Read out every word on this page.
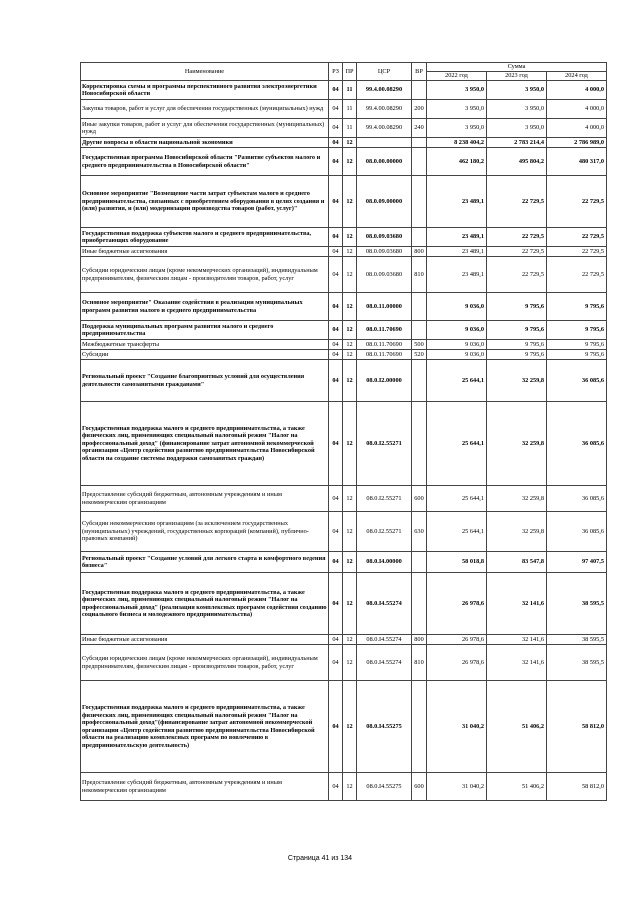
Наименование	РЗ	ПР	ЦСР	ВР	Сумма		
					2022 год	2023 год	2024 год
Корректировка схемы и программы перспективного развития электроэнергетики Новосибирской области	04	11	99.4.00.08290		3 950,0	3 950,0	4 000,0
Закупка товаров, работ и услуг для обеспечения государственных (муниципальных) нужд	04	11	99.4.00.08290	200	3 950,0	3 950,0	4 000,0
Иные закупки товаров, работ и услуг для обеспечения государственных (муниципальных) нужд	04	11	99.4.00.08290	240	3 950,0	3 950,0	4 000,0
Другие вопросы в области национальной экономики	04	12			8 238 404,2	2 783 214,4	2 786 989,0
Государственная программа Новосибирской области "Развитие субъектов малого и среднего предпринимательства в Новосибирской области"	04	12	08.0.00.00000		462 180,2	495 804,2	480 317,0
Основное мероприятие "Возмещение части затрат субъектам малого и среднего предпринимательства, связанных с приобретением оборудования в целях создания и (или) развития, и (или) модернизации производства товаров (работ, услуг)"	04	12	08.0.09.00000		23 489,1	22 729,5	22 729,5
Государственная поддержка субъектов малого и среднего предпринимательства, приобретающих оборудование	04	12	08.0.09.03680		23 489,1	22 729,5	22 729,5
Иные бюджетные ассигнования	04	12	08.0.09.03680	800	23 489,1	22 729,5	22 729,5
Субсидии юридическим лицам (кроме некоммерческих организаций), индивидуальным предпринимателям, физическим лицам - производителям товаров, работ, услуг	04	12	08.0.09.03680	810	23 489,1	22 729,5	22 729,5
Основное мероприятие" Оказание содействия в реализации муниципальных программ развития малого и среднего предпринимательства	04	12	08.0.11.00000		9 036,0	9 795,6	9 795,6
Поддержка муниципальных программ развития малого и среднего предпринимательства	04	12	08.0.11.70690		9 036,0	9 795,6	9 795,6
Межбюджетные трансферты	04	12	08.0.11.70690	500	9 036,0	9 795,6	9 795,6
Субсидии	04	12	08.0.11.70690	520	9 036,0	9 795,6	9 795,6
Региональный проект "Создание благоприятных условий для осуществления деятельности самозанятыми гражданами"	04	12	08.0.I2.00000		25 644,1	32 259,8	36 085,6
Государственная поддержка малого и среднего предпринимательства, а также физических лиц, применяющих специальный налоговый режим "Налог на профессиональный доход" (финансирование затрат автономной некоммерческой организации «Центр содействия развитию предпринимательства Новосибирской области на создание системы поддержки самозанятых граждан)	04	12	08.0.I2.55271		25 644,1	32 259,8	36 085,6
Предоставление субсидий бюджетным, автономным учреждениям и иным некоммерческим организациям	04	12	08.0.I2.55271	600	25 644,1	32 259,8	36 085,6
Субсидии некоммерческим организациям (за исключением государственных (муниципальных) учреждений, государственных корпораций (компаний), публично-правовых компаний)	04	12	08.0.I2.55271	630	25 644,1	32 259,8	36 085,6
Региональный проект "Создание условий для легкого старта и комфортного ведения бизнеса"	04	12	08.0.I4.00000		58 018,8	83 547,8	97 407,5
Государственная поддержка малого и среднего предпринимательства, а также физических лиц, применяющих специальный налоговый режим "Налог на профессиональный доход" (реализация комплексных программ содействия созданию социального бизнеса и молодежного предпринимательства)	04	12	08.0.I4.55274		26 978,6	32 141,6	38 595,5
Иные бюджетные ассигнования	04	12	08.0.I4.55274	800	26 978,6	32 141,6	38 595,5
Субсидии юридическим лицам (кроме некоммерческих организаций), индивидуальным предпринимателям, физическим лицам - производителям товаров, работ, услуг	04	12	08.0.I4.55274	810	26 978,6	32 141,6	38 595,5
Государственная поддержка малого и среднего предпринимательства, а также физических лиц, применяющих специальный налоговый режим "Налог на профессиональный доход"(финансирование затрат автономной некоммерческой организации «Центр содействия развитию предпринимательства Новосибирской области на реализацию комплексных программ по вовлечению в предпринимательскую деятельность)	04	12	08.0.I4.55275		31 040,2	51 406,2	58 812,0
Предоставление субсидий бюджетным, автономным учреждениям и иным некоммерческим организациям	04	12	08.0.I4.55275	600	31 040,2	51 406,2	58 812,0
Страница 41 из 134
